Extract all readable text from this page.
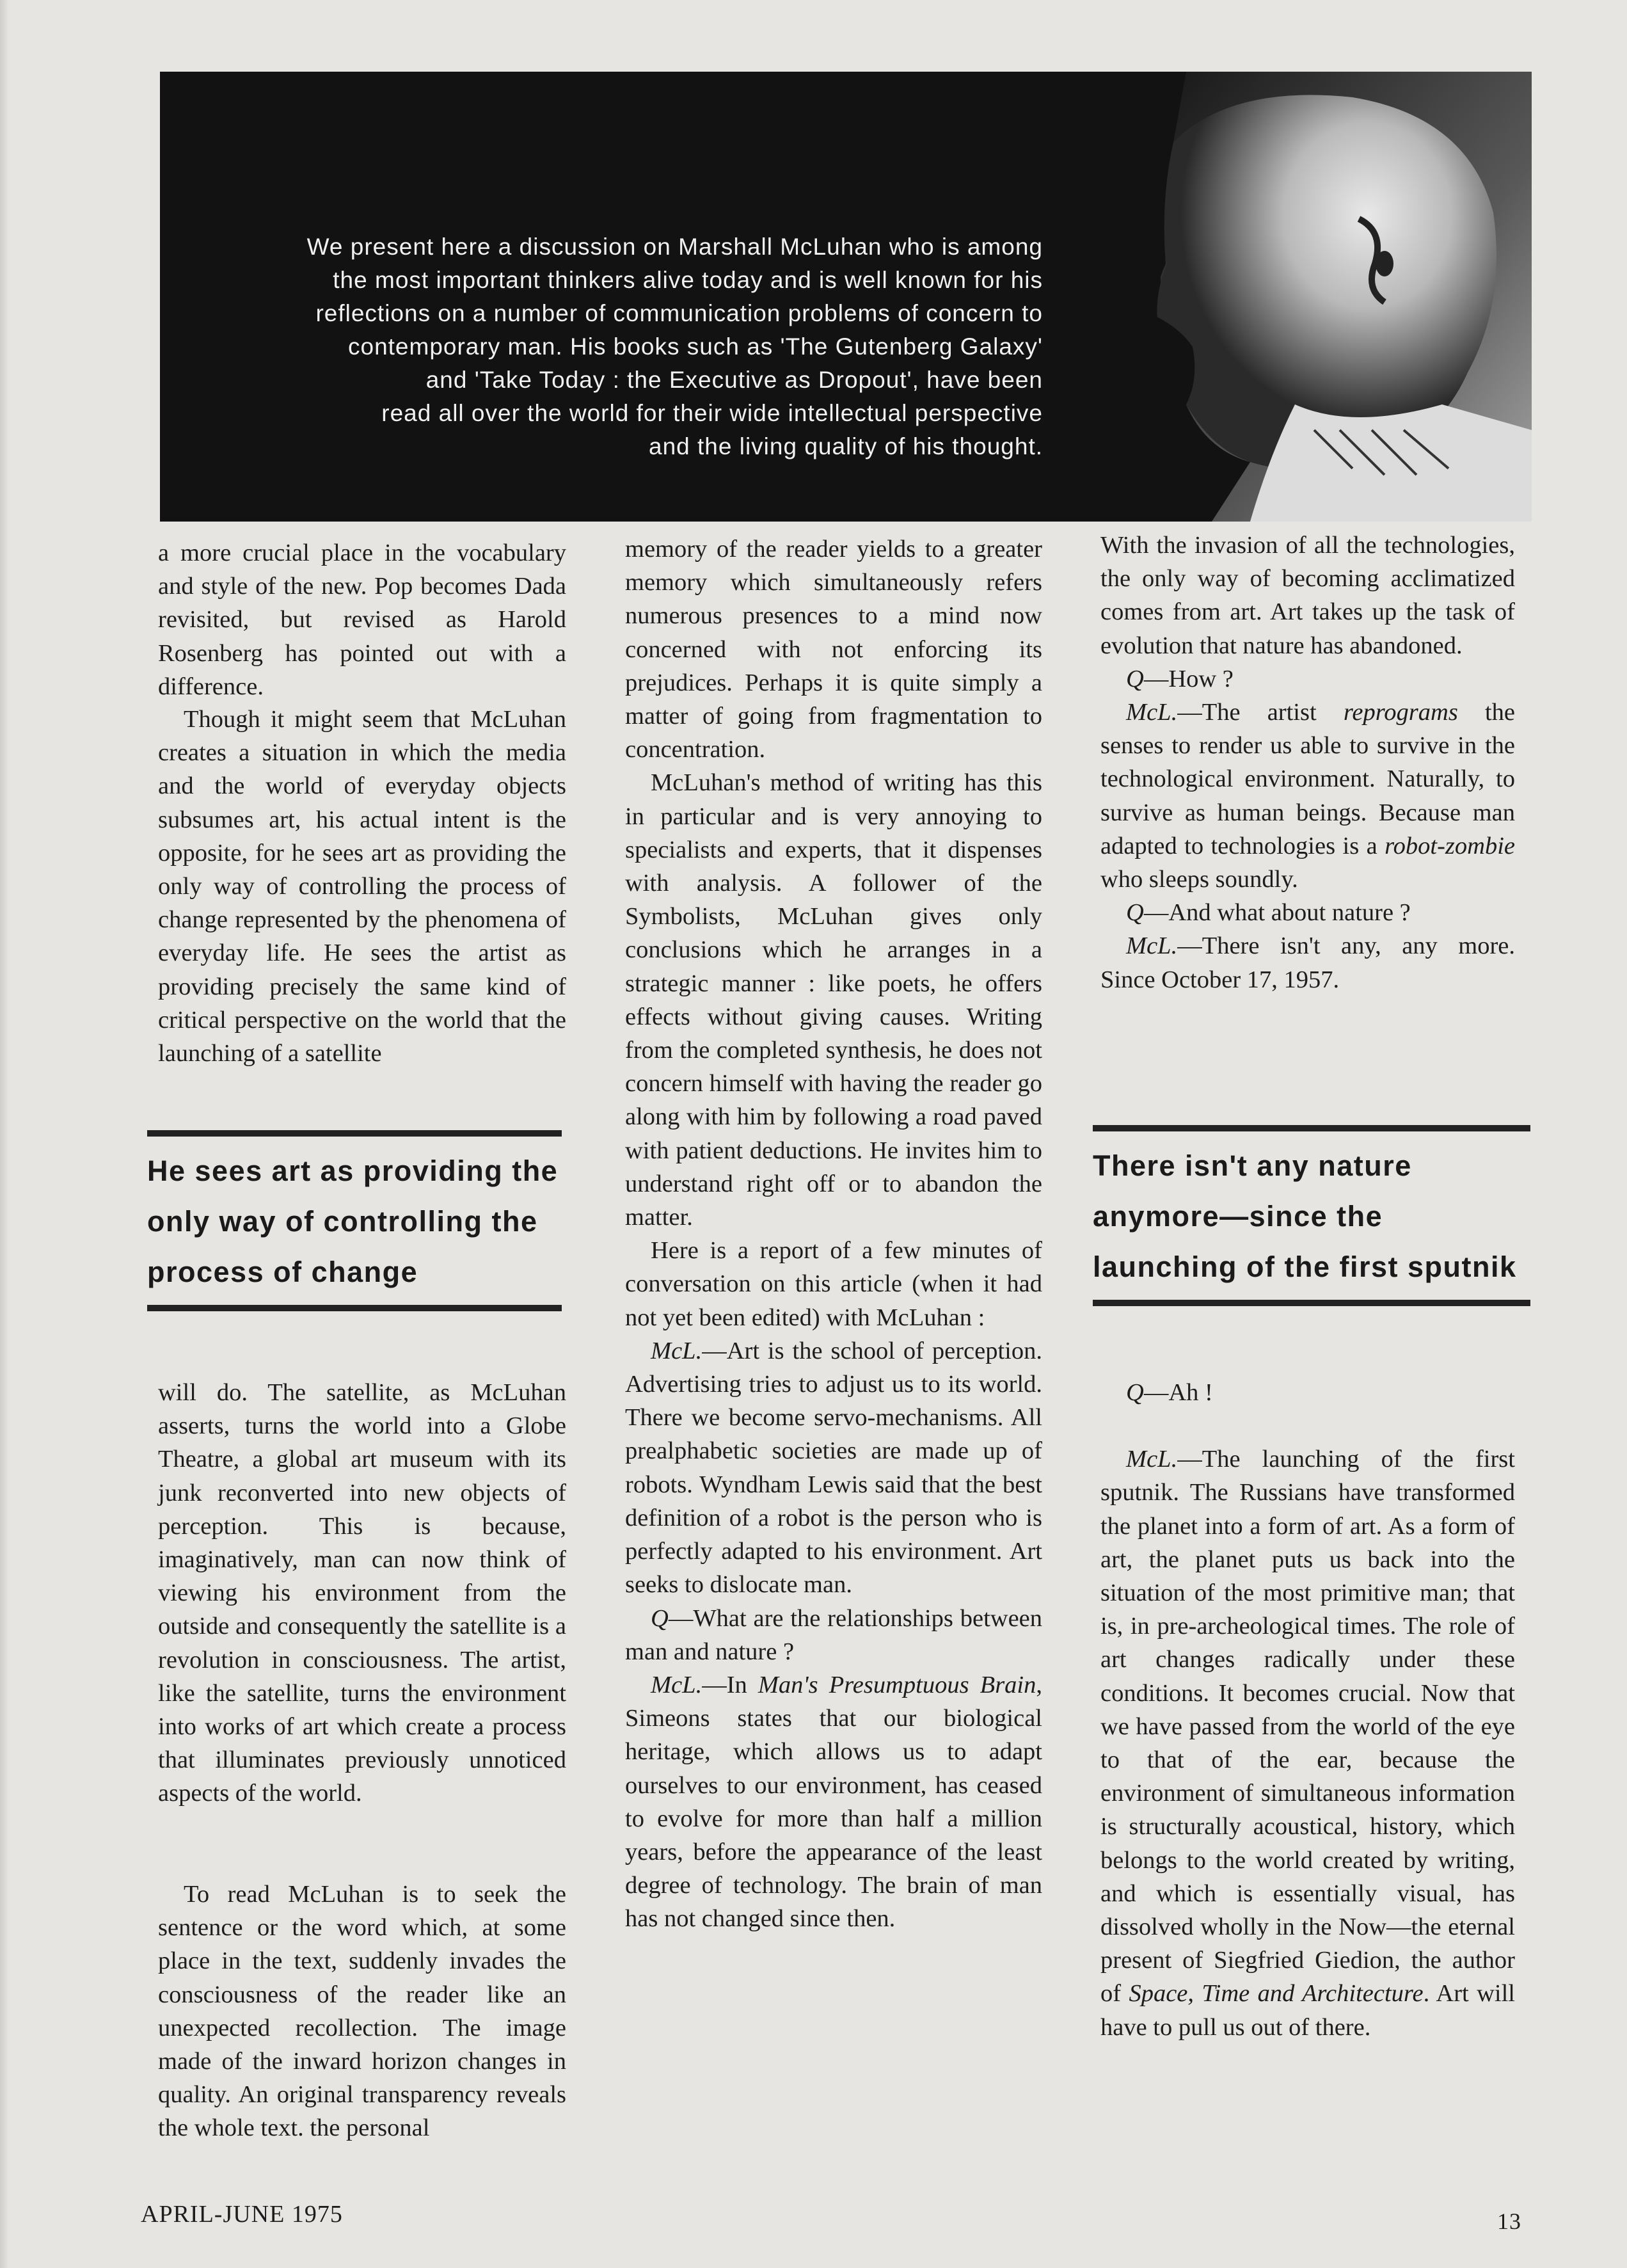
We present here a discussion on Marshall McLuhan who is among
the most important thinkers alive today and is well known for his
reflections on a number of communication problems of concern to
contemporary man. His books such as 'The Gutenberg Galaxy'
and 'Take Today : the Executive as Dropout', have been
read all over the world for their wide intellectual perspective
and the living quality of his thought.

a more crucial place in the vocabulary and style of the new. Pop becomes Dada revisited, but revised as Harold Rosenberg has pointed out with a difference.

Though it might seem that McLuhan creates a situation in which the media and the world of everyday objects subsumes art, his actual intent is the opposite, for he sees art as providing the only way of controlling the process of change represented by the phenomena of everyday life. He sees the artist as providing precisely the same kind of critical perspective on the world that the launching of a satellite

will do. The satellite, as McLuhan asserts, turns the world into a Globe Theatre, a global art museum with its junk reconverted into new objects of perception. This is because, imaginatively, man can now think of viewing his environment from the outside and consequently the satellite is a revolution in consciousness. The artist, like the satellite, turns the environment into works of art which create a process that illuminates previously unnoticed aspects of the world.

To read McLuhan is to seek the sentence or the word which, at some place in the text, suddenly invades the consciousness of the reader like an unexpected recollection. The image made of the inward horizon changes in quality. An original transparency reveals the whole text. the personal

He sees art as providing the only way of controlling the process of change

memory of the reader yields to a greater memory which simultaneously refers numerous presences to a mind now concerned with not enforcing its prejudices. Perhaps it is quite simply a matter of going from fragmentation to concentration.

McLuhan's method of writing has this in particular and is very annoying to specialists and experts, that it dispenses with analysis. A follower of the Symbolists, McLuhan gives only conclusions which he arranges in a strategic manner : like poets, he offers effects without giving causes. Writing from the completed synthesis, he does not concern himself with having the reader go along with him by following a road paved with patient deductions. He invites him to understand right off or to abandon the matter.

Here is a report of a few minutes of conversation on this article (when it had not yet been edited) with McLuhan :

McL.—Art is the school of perception. Advertising tries to adjust us to its world. There we become servo-mechanisms. All prealphabetic societies are made up of robots. Wyndham Lewis said that the best definition of a robot is the person who is perfectly adapted to his environment. Art seeks to dislocate man.

Q—What are the relationships between man and nature ?

McL.—In Man's Presumptuous Brain, Simeons states that our biological heritage, which allows us to adapt ourselves to our environment, has ceased to evolve for more than half a million years, before the appearance of the least degree of technology. The brain of man has not changed since then.

With the invasion of all the technologies, the only way of becoming acclimatized comes from art. Art takes up the task of evolution that nature has abandoned.

Q—How ?

McL.—The artist reprograms the senses to render us able to survive in the technological environment. Naturally, to survive as human beings. Because man adapted to technologies is a robot-zombie who sleeps soundly.

Q—And what about nature ?

McL.—There isn't any, any more. Since October 17, 1957.

Q—Ah !

McL.—The launching of the first sputnik. The Russians have transformed the planet into a form of art. As a form of art, the planet puts us back into the situation of the most primitive man; that is, in pre-archeological times. The role of art changes radically under these conditions. It becomes crucial. Now that we have passed from the world of the eye to that of the ear, because the environment of simultaneous information is structurally acoustical, history, which belongs to the world created by writing, and which is essentially visual, has dissolved wholly in the Now—the eternal present of Siegfried Giedion, the author of Space, Time and Architecture. Art will have to pull us out of there.

There isn't any nature anymore—since the launching of the first sputnik
APRIL-JUNE 1975	13
